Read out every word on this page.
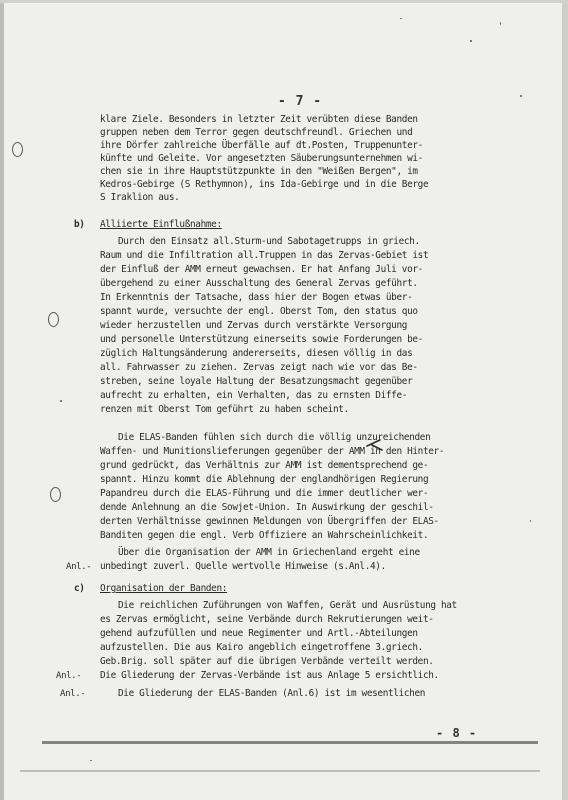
- 7 -
klare Ziele. Besonders in letzter Zeit verübten diese Banden
gruppen neben dem Terror gegen deutschfreundl. Griechen und
ihre Dörfer zahlreiche Überfälle auf dt.Posten, Truppenunter-
künfte und Geleite. Vor angesetzten Säuberungsunternehmen wi-
chen sie in ihre Hauptstützpunkte in den "Weißen Bergen", im
Kedros-Gebirge (S Rethymnon), ins Ida-Gebirge und in die Berge
S Iraklion aus.
b) Alliierte Einflußnahme:
Durch den Einsatz all.Sturm-und Sabotagetrupps in griech.
Raum und die Infiltration all.Truppen in das Zervas-Gebiet ist
der Einfluß der AMM erneut gewachsen. Er hat Anfang Juli vor-
übergehend zu einer Ausschaltung des General Zervas geführt.
In Erkenntnis der Tatsache, dass hier der Bogen etwas über-
spannt wurde, versuchte der engl. Oberst Tom, den status quo
wieder herzustellen und Zervas durch verstärkte Versorgung
und personelle Unterstützung einerseits sowie Forderungen be-
züglich Haltungsänderung andererseits, diesen völlig in das
all. Fahrwasser zu ziehen. Zervas zeigt nach wie vor das Be-
streben, seine loyale Haltung der Besatzungsmacht gegenüber
aufrecht zu erhalten, ein Verhalten, das zu ernsten Diffe-
renzen mit Oberst Tom geführt zu haben scheint.
Die ELAS-Banden fühlen sich durch die völlig unzureichenden
Waffen- und Munitionslieferungen gegenüber der AMM in den Hinter-
grund gedrückt, das Verhältnis zur AMM ist dementsprechend ge-
spannt. Hinzu kommt die Ablehnung der englandhörigen Regierung
Papandreu durch die ELAS-Führung und die immer deutlicher wer-
dende Anlehnung an die Sowjet-Union. In Auswirkung der geschil-
derten Verhältnisse gewinnen Meldungen von Übergriffen der ELAS-
Banditen gegen die engl. Verb Offiziere an Wahrscheinlichkeit.
Über die Organisation der AMM in Griechenland ergeht eine
Anl.- unbedingt zuverl. Quelle wertvolle Hinweise (s.Anl.4).
c) Organisation der Banden:
Die reichlichen Zuführungen von Waffen, Gerät und Ausrüstung hat
es Zervas ermöglicht, seine Verbände durch Rekrutierungen weit-
gehend aufzufüllen und neue Regimenter und Artl.-Abteilungen
aufzustellen. Die aus Kairo angeblich eingetroffene 3.griech.
Geb.Brig. soll später auf die übrigen Verbände verteilt werden.
Anl.- Die Gliederung der Zervas-Verbände ist aus Anlage 5 ersichtlich.
Anl.-	Die Gliederung der ELAS-Banden (Anl.6) ist im wesentlichen
- 8 -
